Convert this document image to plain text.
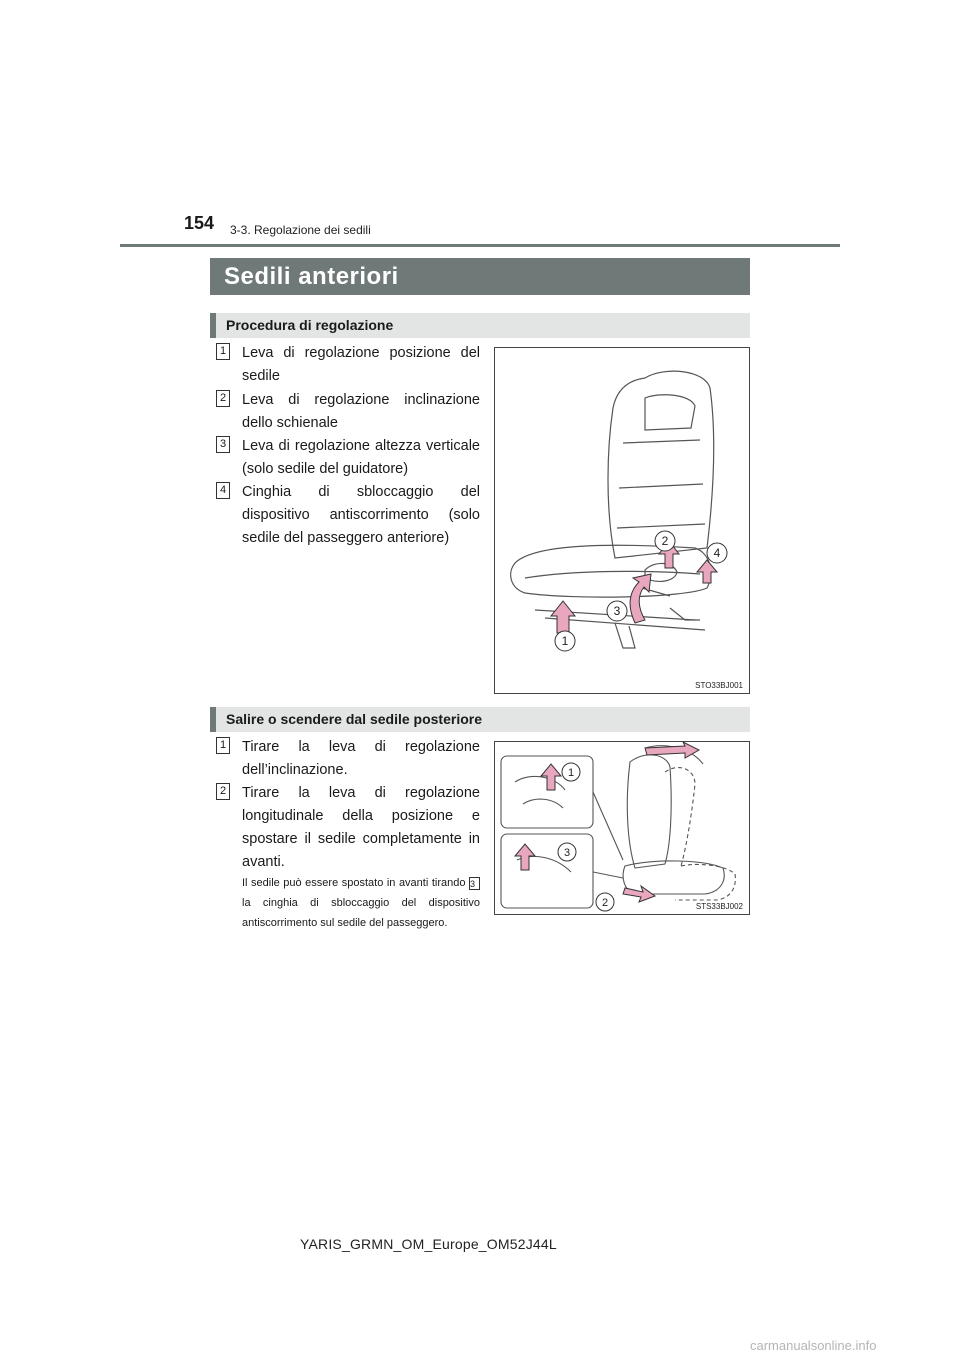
154 3-3. Regolazione dei sedili
Sedili anteriori
Procedura di regolazione
1 Leva di regolazione posizione del sedile
2 Leva di regolazione inclinazione dello schienale
3 Leva di regolazione altezza verticale (solo sedile del guidatore)
4 Cinghia di sbloccaggio del dispositivo antiscorrimento (solo sedile del passeggero anteriore)
1
2
3
4
STO33BJ001
Salire o scendere dal sedile posteriore
1 Tirare la leva di regolazione dell’inclinazione.
2 Tirare la leva di regolazione longitudinale della posizione e spostare il sedile completamente in avanti.
Il sedile può essere spostato in avanti tirando 3 la cinghia di sbloccaggio del dispositivo antiscorrimento sul sedile del passeggero.
1
2
3
STS33BJ002
YARIS_GRMN_OM_Europe_OM52J44L
carmanualsonline.info
